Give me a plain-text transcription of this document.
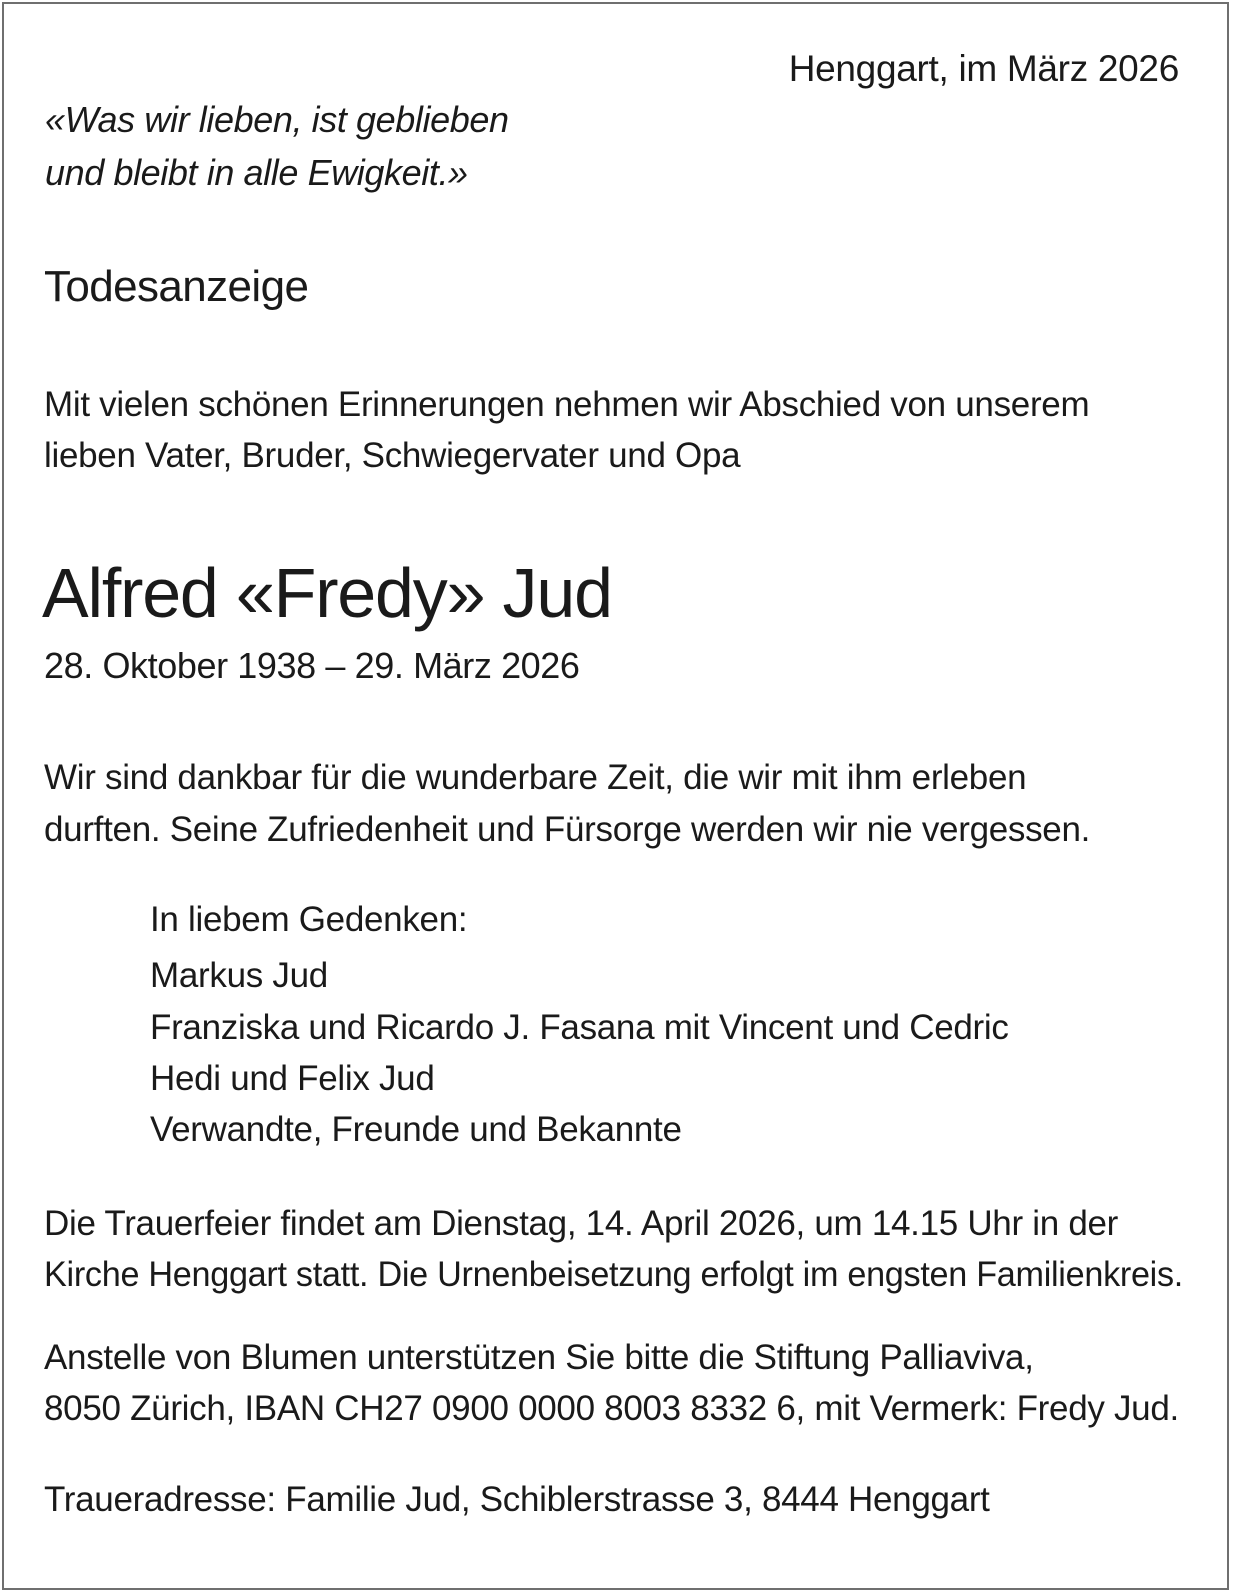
Henggart, im März 2026
«Was wir lieben, ist geblieben
und bleibt in alle Ewigkeit.»
Todesanzeige
Mit vielen schönen Erinnerungen nehmen wir Abschied von unserem
lieben Vater, Bruder, Schwiegervater und Opa
Alfred «Fredy» Jud
28. Oktober 1938 – 29. März 2026
Wir sind dankbar für die wunderbare Zeit, die wir mit ihm erleben
durften. Seine Zufriedenheit und Fürsorge werden wir nie vergessen.
In liebem Gedenken:
Markus Jud
Franziska und Ricardo J. Fasana mit Vincent und Cedric
Hedi und Felix Jud
Verwandte, Freunde und Bekannte
Die Trauerfeier findet am Dienstag, 14. April 2026, um 14.15 Uhr in der
Kirche Henggart statt. Die Urnenbeisetzung erfolgt im engsten Familienkreis.
Anstelle von Blumen unterstützen Sie bitte die Stiftung Palliaviva,
8050 Zürich, IBAN CH27 0900 0000 8003 8332 6, mit Vermerk: Fredy Jud.
Traueradresse: Familie Jud, Schiblerstrasse 3, 8444 Henggart
